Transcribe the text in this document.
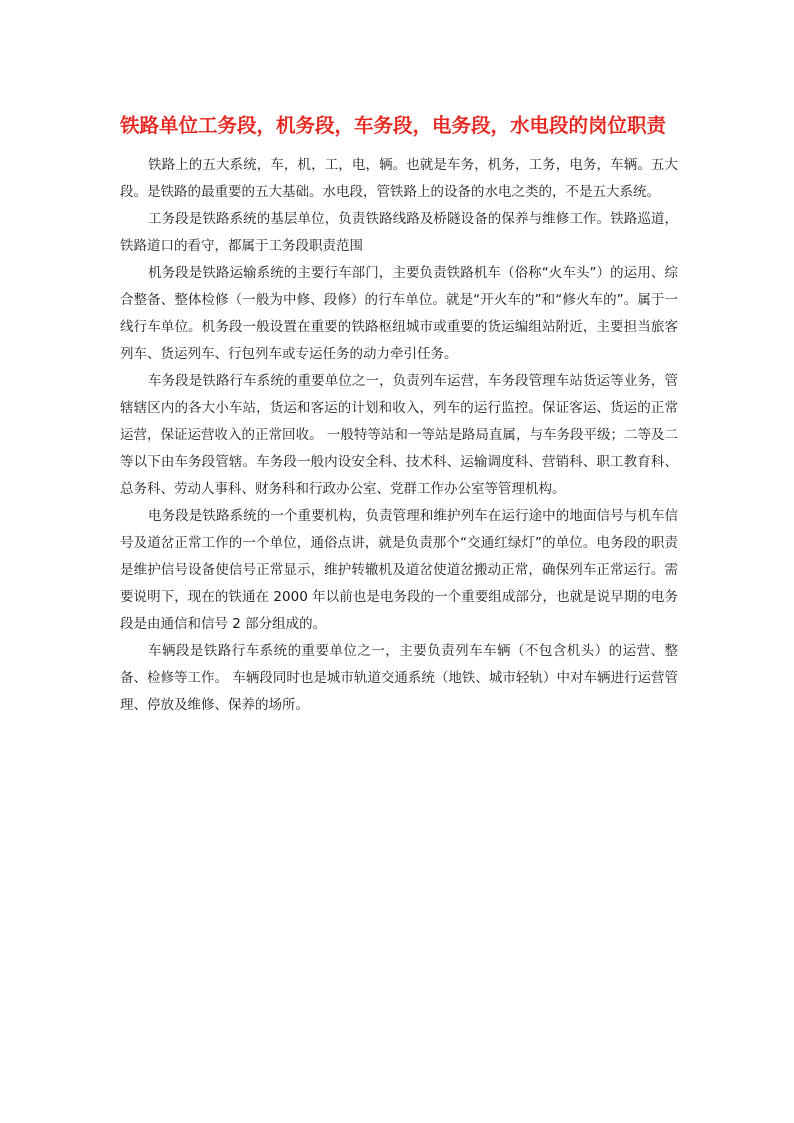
铁路单位工务段，机务段，车务段，电务段，水电段的岗位职责

铁路上的五大系统，车，机，工，电，辆。也就是车务，机务，工务，电务，车辆。五大段。是铁路的最重要的五大基础。水电段，管铁路上的设备的水电之类的，不是五大系统。

工务段是铁路系统的基层单位，负责铁路线路及桥隧设备的保养与维修工作。铁路巡道，铁路道口的看守，都属于工务段职责范围

机务段是铁路运输系统的主要行车部门，主要负责铁路机车（俗称“火车头”）的运用、综合整备、整体检修（一般为中修、段修）的行车单位。就是“开火车的”和“修火车的”。属于一线行车单位。机务段一般设置在重要的铁路枢纽城市或重要的货运编组站附近，主要担当旅客列车、货运列车、行包列车或专运任务的动力牵引任务。

车务段是铁路行车系统的重要单位之一，负责列车运营，车务段管理车站货运等业务，管辖辖区内的各大小车站，货运和客运的计划和收入，列车的运行监控。保证客运、货运的正常运营，保证运营收入的正常回收。 一般特等站和一等站是路局直属，与车务段平级；二等及二等以下由车务段管辖。车务段一般内设安全科、技术科、运输调度科、营销科、职工教育科、总务科、劳动人事科、财务科和行政办公室、党群工作办公室等管理机构。

电务段是铁路系统的一个重要机构，负责管理和维护列车在运行途中的地面信号与机车信号及道岔正常工作的一个单位，通俗点讲，就是负责那个“交通红绿灯”的单位。电务段的职责是维护信号设备使信号正常显示，维护转辙机及道岔使道岔搬动正常，确保列车正常运行。需要说明下，现在的铁通在 2000 年以前也是电务段的一个重要组成部分，也就是说早期的电务段是由通信和信号 2 部分组成的。

车辆段是铁路行车系统的重要单位之一，主要负责列车车辆（不包含机头）的运营、整备、检修等工作。 车辆段同时也是城市轨道交通系统（地铁、城市轻轨）中对车辆进行运营管理、停放及维修、保养的场所。
